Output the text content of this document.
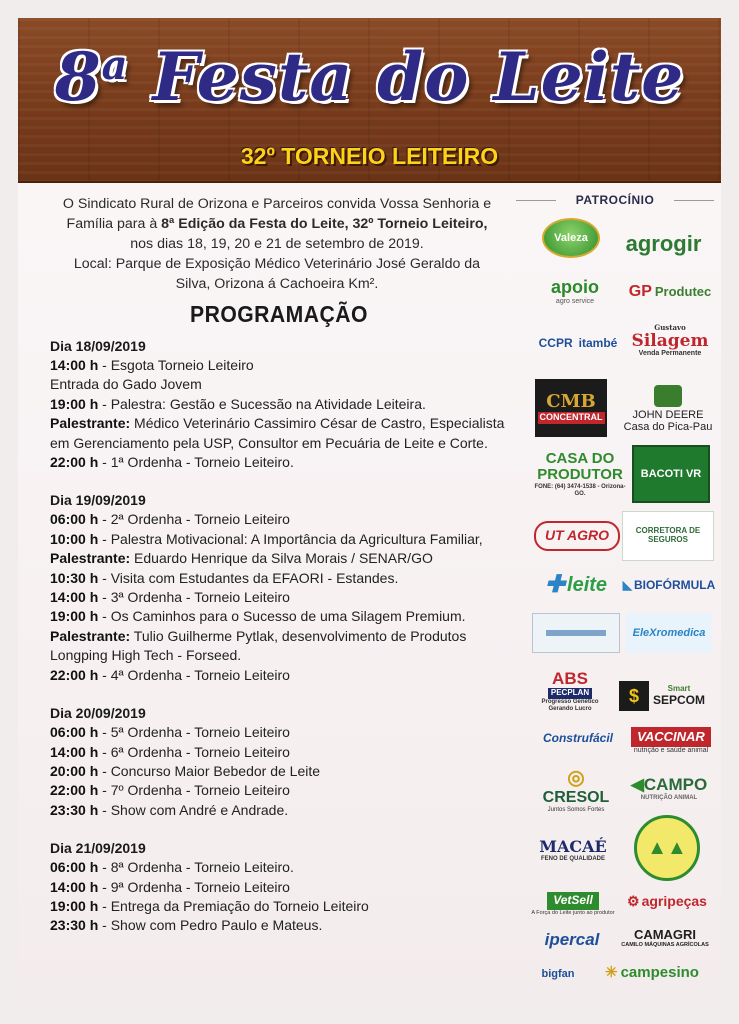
8$^a$ Festa do Leite
32º TORNEIO LEITEIRO
O Sindicato Rural de Orizona e Parceiros convida Vossa Senhoria e
Família para à 8ª Edição da Festa do Leite, 32º Torneio Leiteiro,
nos dias 18, 19, 20 e 21 de setembro de 2019.
Local: Parque de Exposição Médico Veterinário José Geraldo da
Silva, Orizona á Cachoeira Km².
PROGRAMAÇÃO
Dia 18/09/2019
14:00 h - Esgota Torneio Leiteiro
Entrada do Gado Jovem
19:00 h - Palestra: Gestão e Sucessão na Atividade Leiteira.
Palestrante: Médico Veterinário Cassimiro César de Castro, Especialista em Gerenciamento pela USP, Consultor em Pecuária de Leite e Corte.
22:00 h - 1ª Ordenha - Torneio Leiteiro.
Dia 19/09/2019
06:00 h - 2ª Ordenha - Torneio Leiteiro
10:00 h - Palestra Motivacional: A Importância da Agricultura Familiar,
Palestrante: Eduardo Henrique da Silva Morais / SENAR/GO
10:30 h - Visita com Estudantes da EFAORI - Estandes.
14:00 h - 3ª Ordenha - Torneio Leiteiro
19:00 h - Os Caminhos para o Sucesso de uma Silagem Premium.
Palestrante: Tulio Guilherme Pytlak, desenvolvimento de Produtos Longping High Tech - Forseed.
22:00 h - 4ª Ordenha - Torneio Leiteiro
Dia 20/09/2019
06:00 h - 5ª Ordenha - Torneio Leiteiro
14:00 h - 6ª Ordenha - Torneio Leiteiro
20:00 h - Concurso Maior Bebedor de Leite
22:00 h - 7º Ordenha - Torneio Leiteiro
23:30 h - Show com André e Andrade.
Dia 21/09/2019
06:00 h - 8ª Ordenha - Torneio Leiteiro.
14:00 h - 9ª Ordenha - Torneio Leiteiro
19:00 h - Entrega da Premiação do Torneio Leiteiro
23:30 h - Show com Pedro Paulo e Mateus.
PATROCÍNIO
Valeza agrogir
apoio
agro service
GP Produtec
CCPR itambé
Gustavo
Silagem
Venda Permanente
CMB
CONCENTRAL	JOHN DEERE
Casa do Pica-Pau
CASA DO
PRODUTOR
FONE: (64) 3474-1538 - Orizona-GO.
BACOTI VR
UT AGRO	CORRETORA DE SEGUROS
✚ leite ◣ BIOFÓRMULA
EleXromedica
ABS
PECPLAN
Progresso Genético Gerando Lucro
$	Smart
SEPCOM
Construfácil	VACCINAR
nutrição e saúde animal
◎
CRESOL
Juntos Somos Fortes
◀CAMPO
NUTRIÇÃO ANIMAL
MACAÉ
FENO DE QUALIDADE ▲▲
VetSell
A Força do Leite junto ao produtor
⚙ agripeças
ipercal	CAMAGRI
CAMILO MÁQUINAS AGRÍCOLAS
bigfan ✳ campesino
